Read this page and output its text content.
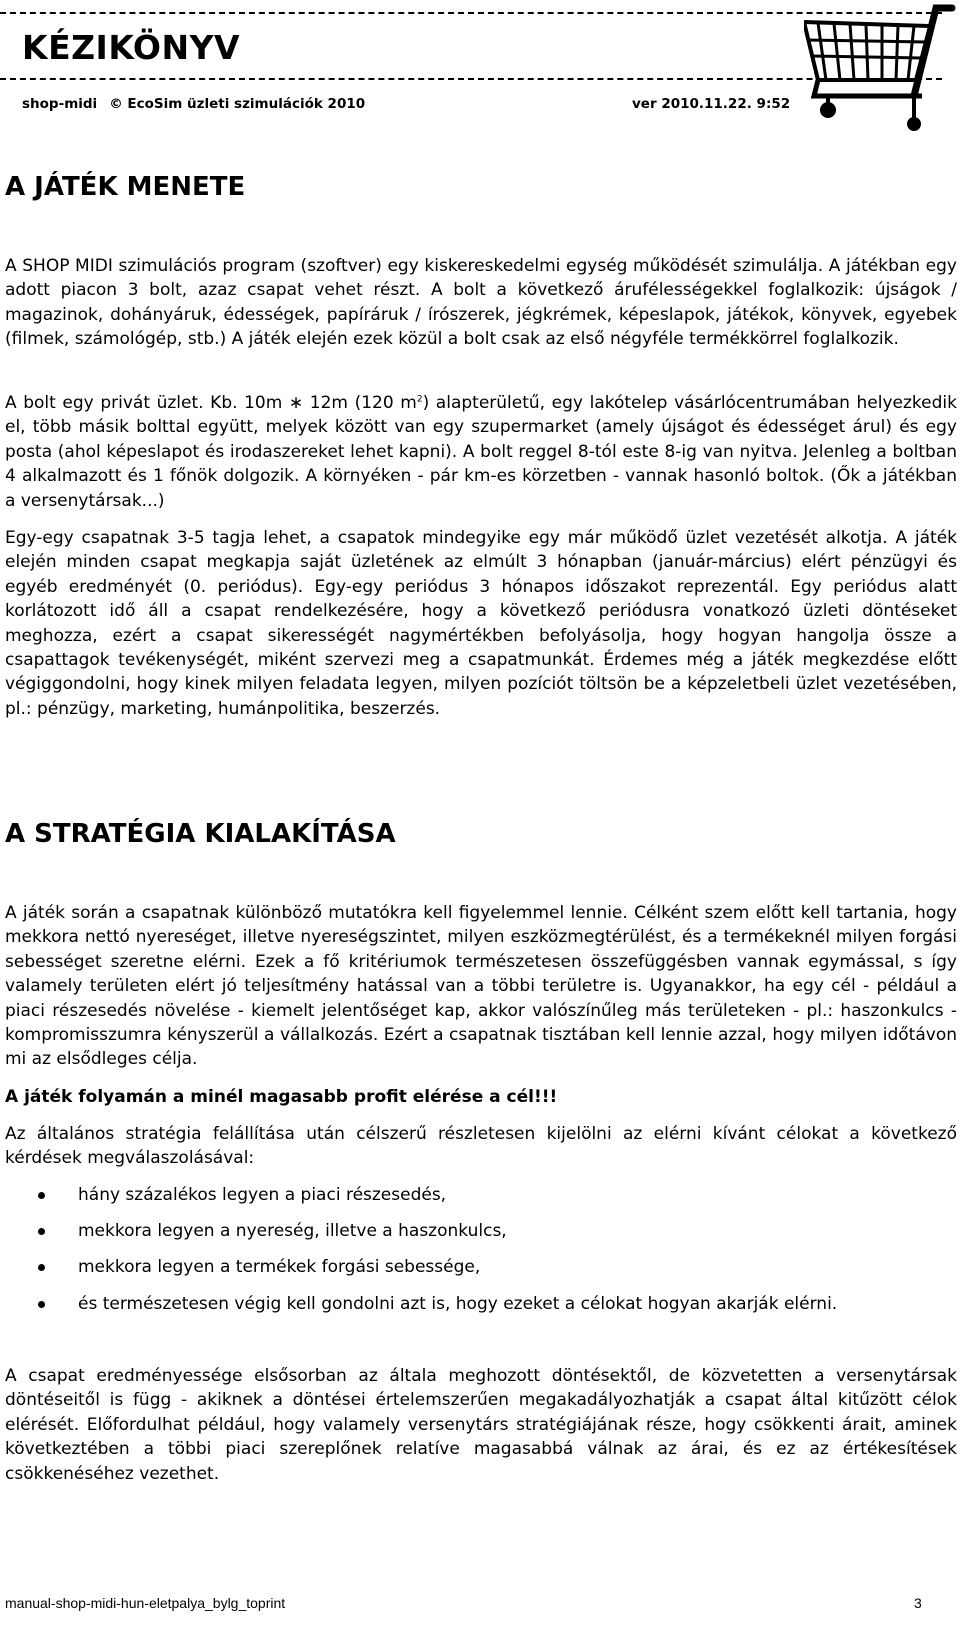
KÉZIKÖNYV
shop-midi © EcoSim üzleti szimulációk 2010	ver 2010.11.22. 9:52
A JÁTÉK MENETE

A SHOP MIDI szimulációs program (szoftver) egy kiskereskedelmi egység működését szimulálja. A játékban egy adott piacon 3 bolt, azaz csapat vehet részt. A bolt a következő árufélességekkel foglalkozik: újságok / magazinok, dohányáruk, édességek, papíráruk / írószerek, jégkrémek, képeslapok, játékok, könyvek, egyebek (filmek, számológép, stb.) A játék elején ezek közül a bolt csak az első négyféle termékkörrel foglalkozik.

A bolt egy privát üzlet. Kb. 10m ∗ 12m (120 $m^2$) alapterületű, egy lakótelep vásárlócentrumában helyezkedik el, több másik bolttal együtt, melyek között van egy szupermarket (amely újságot és édességet árul) és egy posta (ahol képeslapot és irodaszereket lehet kapni). A bolt reggel 8-tól este 8-ig van nyitva. Jelenleg a boltban 4 alkalmazott és 1 főnök dolgozik. A környéken - pár km-es körzetben - vannak hasonló boltok. (Ők a játékban a versenytársak...)

Egy-egy csapatnak 3-5 tagja lehet, a csapatok mindegyike egy már működő üzlet vezetését alkotja. A játék elején minden csapat megkapja saját üzletének az elmúlt 3 hónapban (január-március) elért pénzügyi és egyéb eredményét (0. periódus). Egy-egy periódus 3 hónapos időszakot reprezentál. Egy periódus alatt korlátozott idő áll a csapat rendelkezésére, hogy a következő periódusra vonatkozó üzleti döntéseket meghozza, ezért a csapat sikerességét nagymértékben befolyásolja, hogy hogyan hangolja össze a csapattagok tevékenységét, miként szervezi meg a csapatmunkát. Érdemes még a játék megkezdése előtt végiggondolni, hogy kinek milyen feladata legyen, milyen pozíciót töltsön be a képzeletbeli üzlet vezetésében, pl.: pénzügy, marketing, humánpolitika, beszerzés.

A STRATÉGIA KIALAKÍTÁSA

A játék során a csapatnak különböző mutatókra kell figyelemmel lennie. Célként szem előtt kell tartania, hogy mekkora nettó nyereséget, illetve nyereségszintet, milyen eszközmegtérülést, és a termékeknél milyen forgási sebességet szeretne elérni. Ezek a fő kritériumok természetesen összefüggésben vannak egymással, s így valamely területen elért jó teljesítmény hatással van a többi területre is. Ugyanakkor, ha egy cél - például a piaci részesedés növelése - kiemelt jelentőséget kap, akkor valószínűleg más területeken - pl.: haszonkulcs - kompromisszumra kényszerül a vállalkozás. Ezért a csapatnak tisztában kell lennie azzal, hogy milyen időtávon mi az elsődleges célja.

A játék folyamán a minél magasabb profit elérése a cél!!!

Az általános stratégia felállítása után célszerű részletesen kijelölni az elérni kívánt célokat a következő kérdések megválaszolásával:

hány százalékos legyen a piaci részesedés,
mekkora legyen a nyereség, illetve a haszonkulcs,
mekkora legyen a termékek forgási sebessége,
és természetesen végig kell gondolni azt is, hogy ezeket a célokat hogyan akarják elérni.

A csapat eredményessége elsősorban az általa meghozott döntésektől, de közvetetten a versenytársak döntéseitől is függ - akiknek a döntései értelemszerűen megakadályozhatják a csapat által kitűzött célok elérését. Előfordulhat például, hogy valamely versenytárs stratégiájának része, hogy csökkenti árait, aminek következtében a többi piaci szereplőnek relatíve magasabbá válnak az árai, és ez az értékesítések csökkenéséhez vezethet.

manual-shop-midi-hun-eletpalya_bylg_toprint	3
